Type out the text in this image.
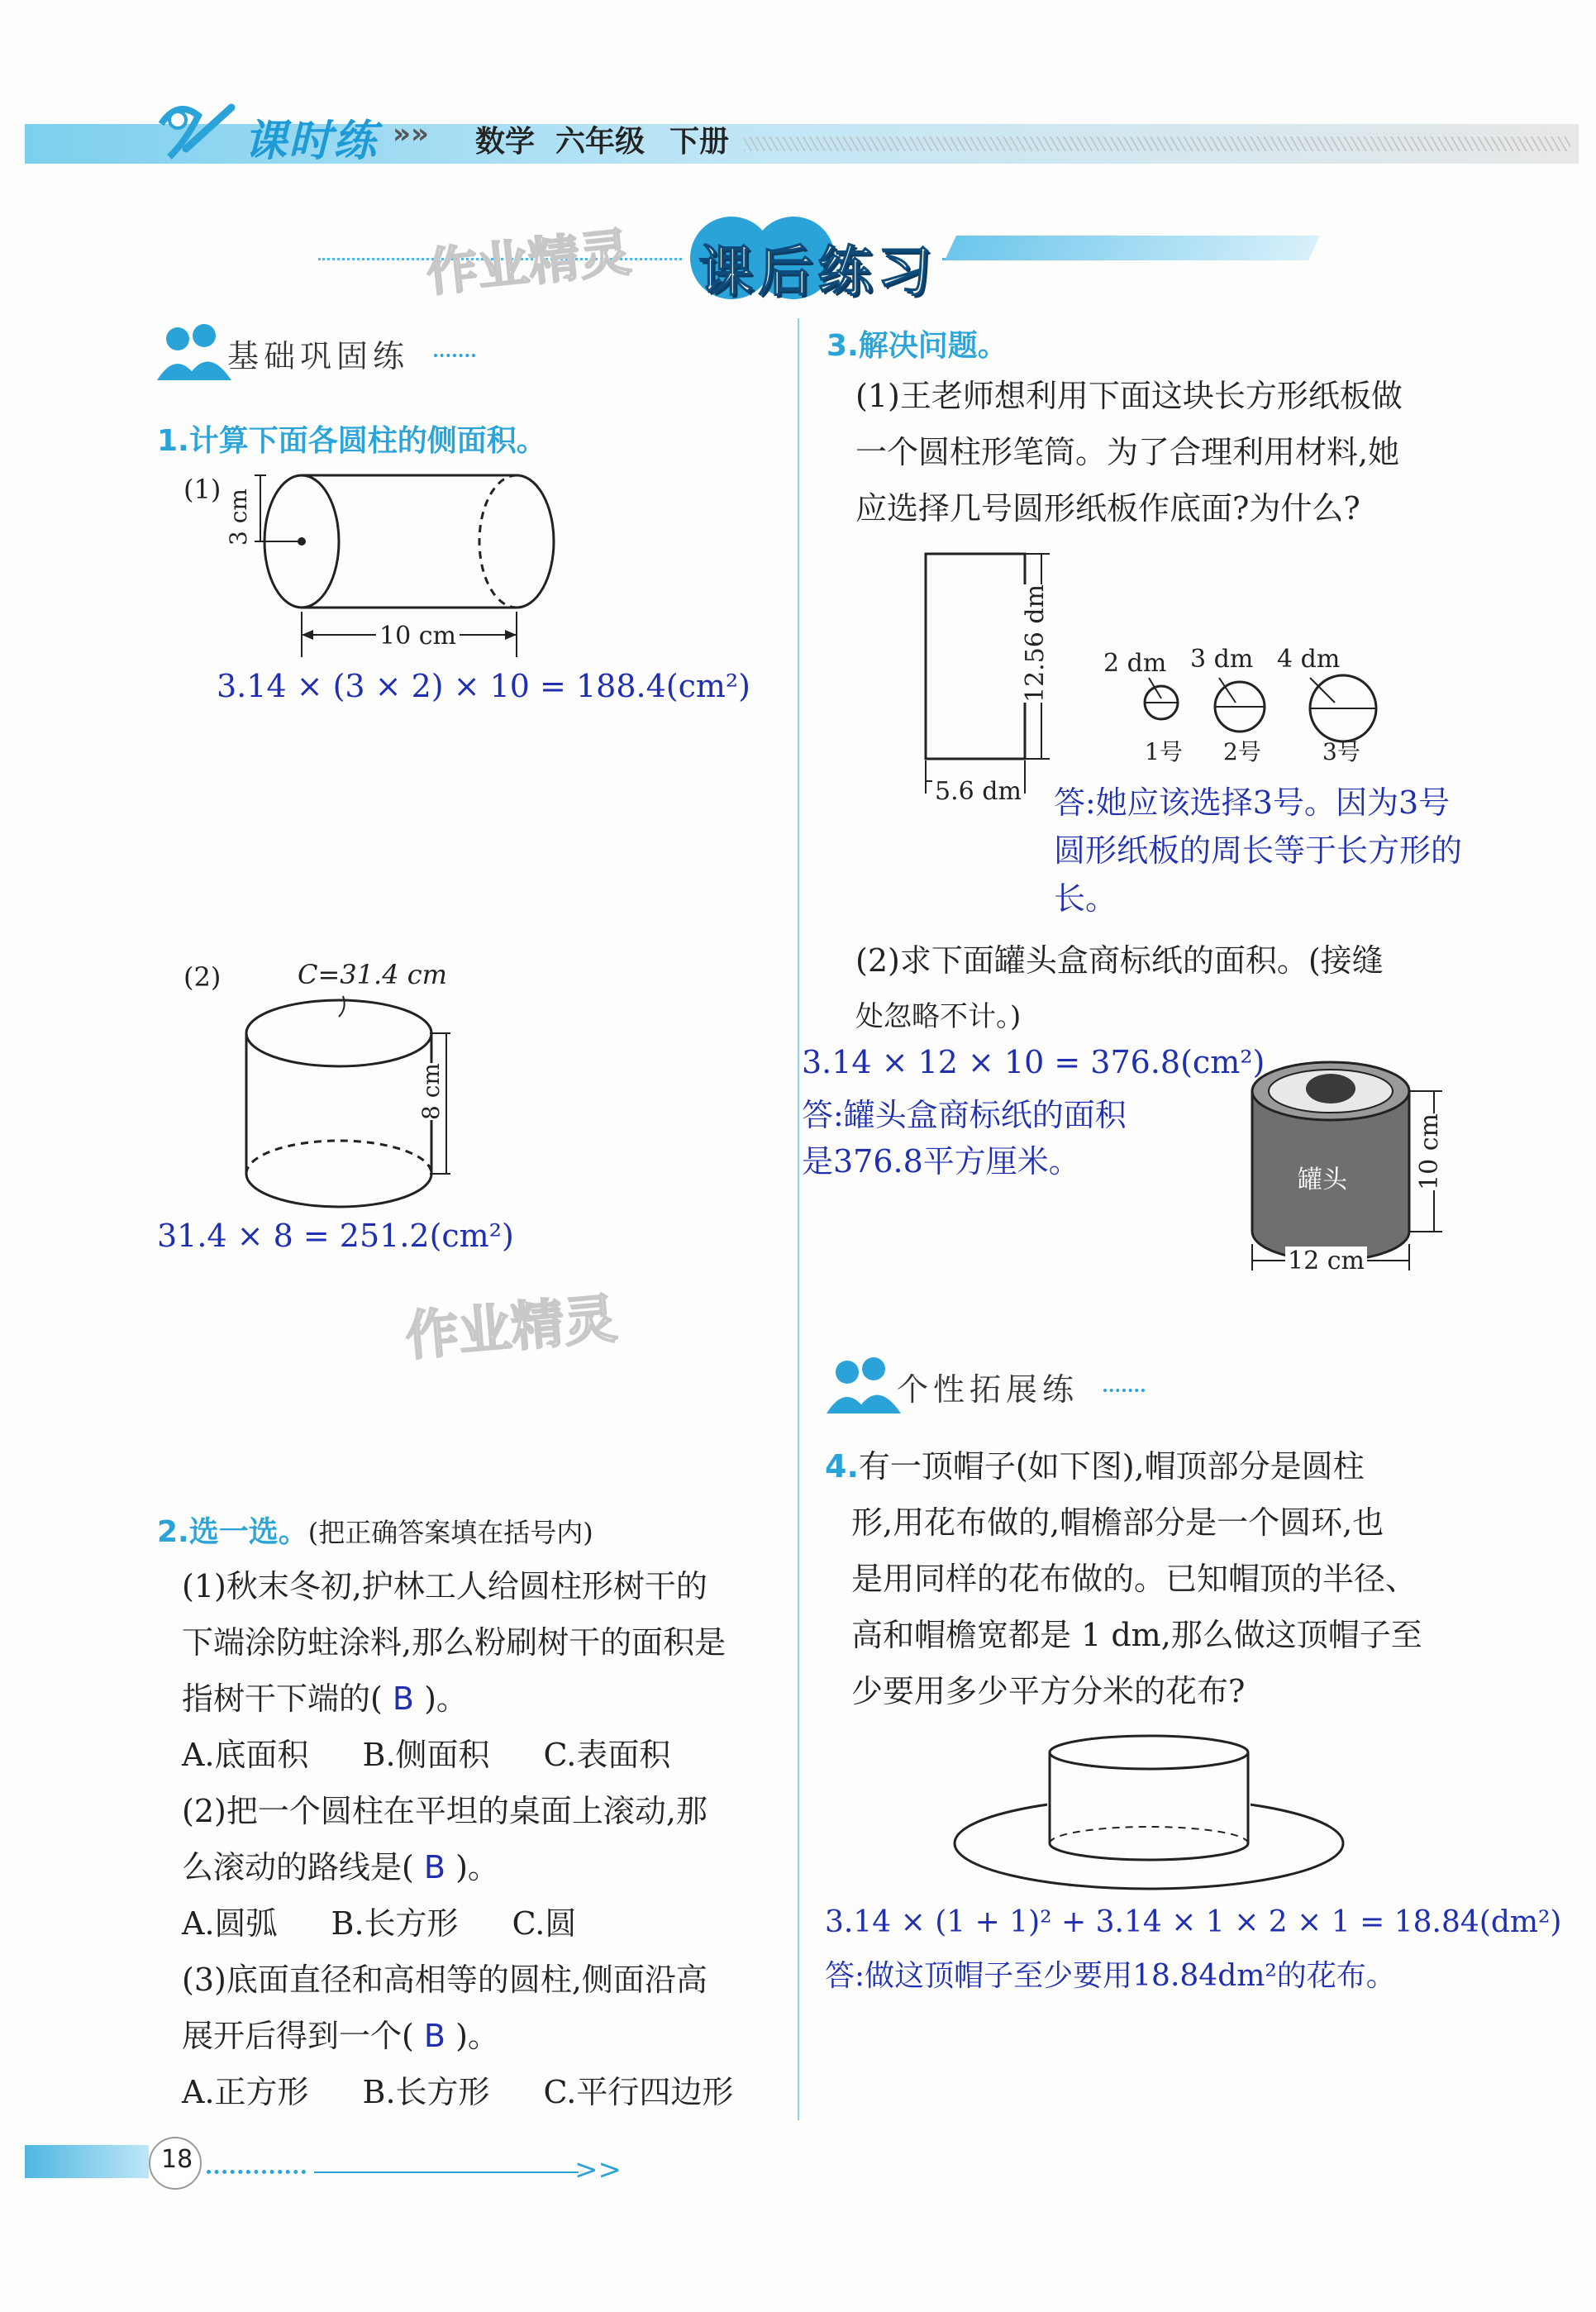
课时练 »» 数学 六年级 下册
作业精灵 课后练习
基础巩固练
1.计算下面各圆柱的侧面积。
(1) 3 cm
10 cm
3.14 × (3 × 2) × 10 = 188.4(cm²)
(2)	C=31.4 cm
8 cm
31.4 × 8 = 251.2(cm²)
作业精灵
2.选一选。(把正确答案填在括号内)
(1)秋末冬初,护林工人给圆柱形树干的
下端涂防蛀涂料,那么粉刷树干的面积是
指树干下端的( B )。
A.底面积 B.侧面积 C.表面积
(2)把一个圆柱在平坦的桌面上滚动,那
么滚动的路线是( B )。
A.圆弧 B.长方形 C.圆
(3)底面直径和高相等的圆柱,侧面沿高
展开后得到一个( B )。
A.正方形 B.长方形 C.平行四边形
3.解决问题。
(1)王老师想利用下面这块长方形纸板做
一个圆柱形笔筒。为了合理利用材料,她
应选择几号圆形纸板作底面?为什么?
12.56 dm
5.6 dm
2 dm 3 dm 4 dm
1号 2号	3号
答:她应该选择3号。因为3号
圆形纸板的周长等于长方形的
长。
(2)求下面罐头盒商标纸的面积。(接缝
处忽略不计。)
3.14 × 12 × 10 = 376.8(cm²)
答:罐头盒商标纸的面积
是376.8平方厘米。
罐头	10 cm
12 cm
个性拓展练
4.有一顶帽子(如下图),帽顶部分是圆柱
形,用花布做的,帽檐部分是一个圆环,也
是用同样的花布做的。已知帽顶的半径、
高和帽檐宽都是 1 dm,那么做这顶帽子至
少要用多少平方分米的花布?
3.14 × (1 + 1)² + 3.14 × 1 × 2 × 1 = 18.84(dm²)
答:做这顶帽子至少要用18.84dm²的花布。
18	>>
